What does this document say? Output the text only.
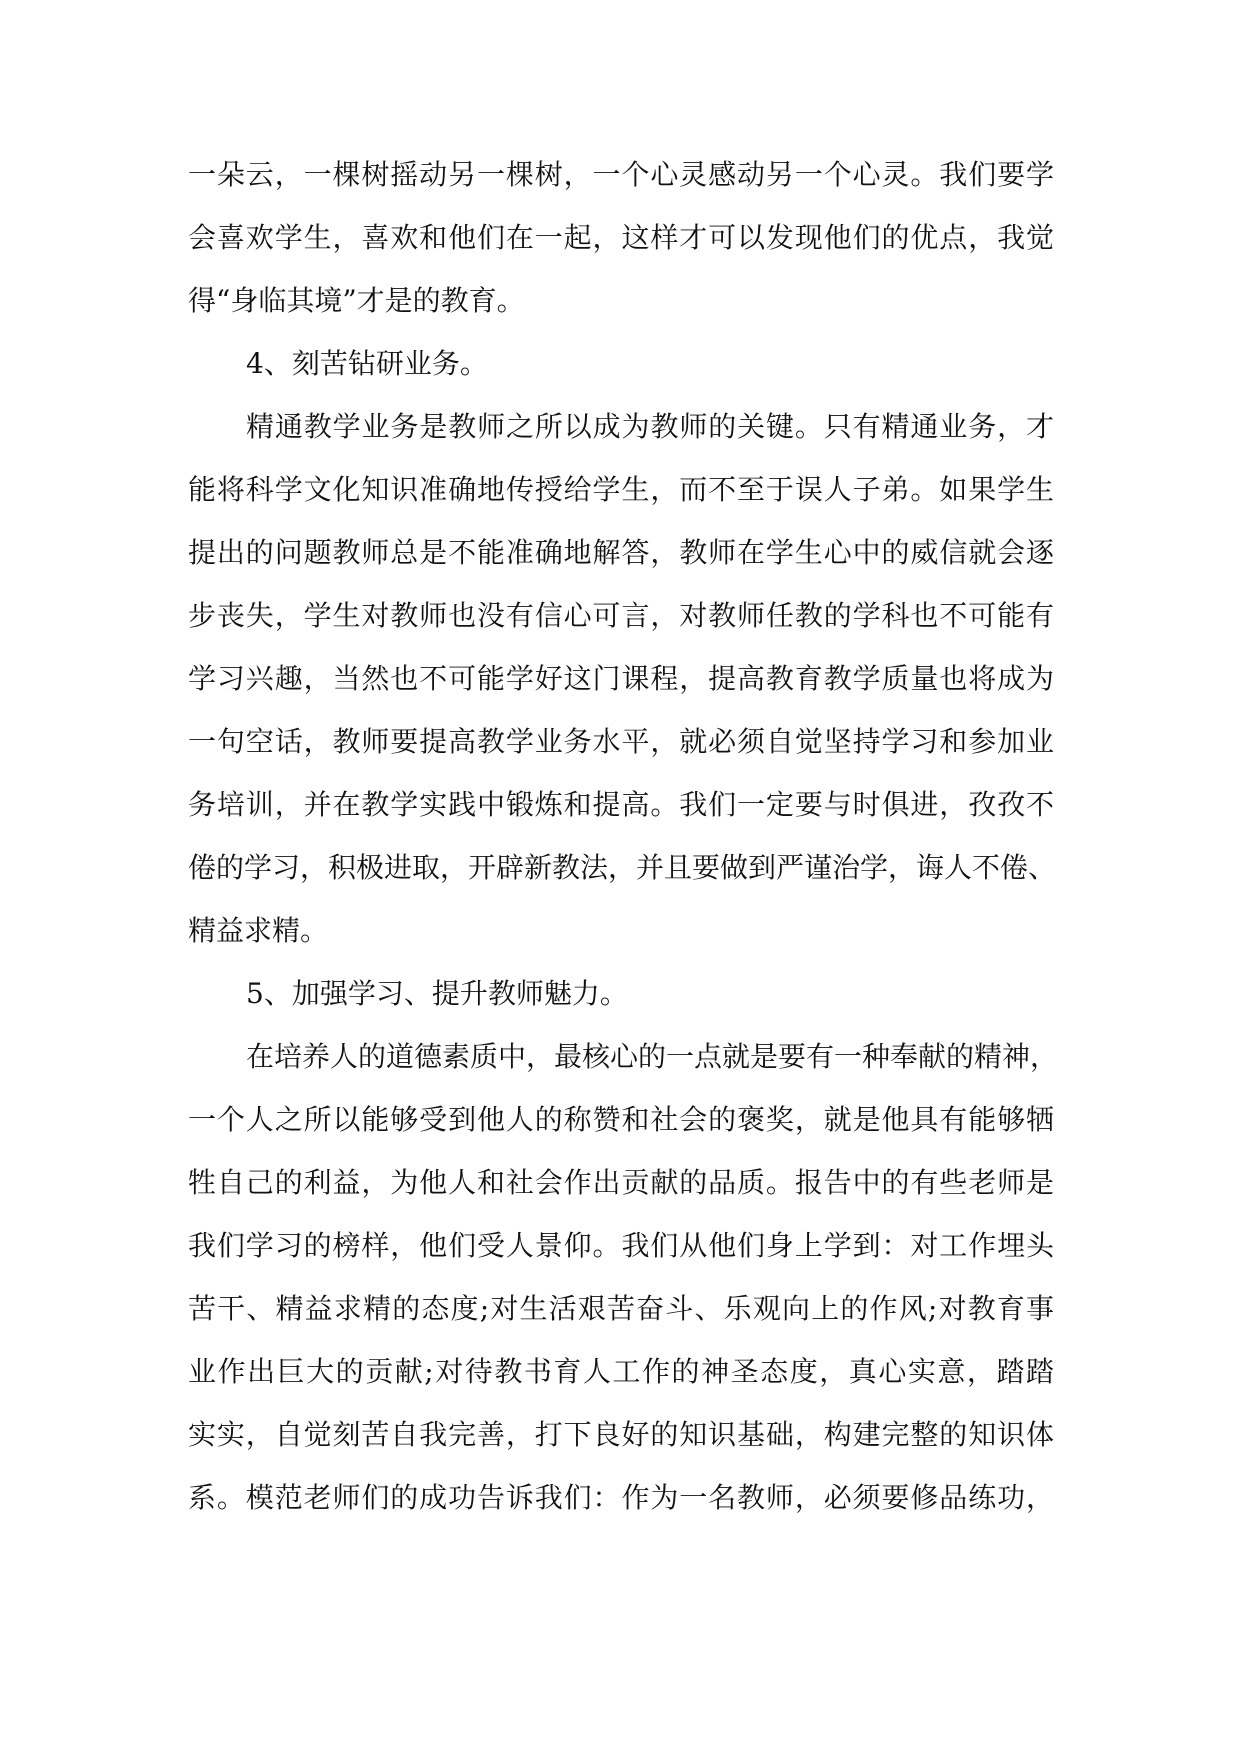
一朵云，一棵树摇动另一棵树，一个心灵感动另一个心灵。我们要学
会喜欢学生，喜欢和他们在一起，这样才可以发现他们的优点，我觉
得“身临其境”才是的教育。
4、刻苦钻研业务。
精通教学业务是教师之所以成为教师的关键。只有精通业务，才
能将科学文化知识准确地传授给学生，而不至于误人子弟。如果学生
提出的问题教师总是不能准确地解答，教师在学生心中的威信就会逐
步丧失，学生对教师也没有信心可言，对教师任教的学科也不可能有
学习兴趣，当然也不可能学好这门课程，提高教育教学质量也将成为
一句空话，教师要提高教学业务水平，就必须自觉坚持学习和参加业
务培训，并在教学实践中锻炼和提高。我们一定要与时俱进，孜孜不
倦的学习，积极进取，开辟新教法，并且要做到严谨治学，诲人不倦、
精益求精。
5、加强学习、提升教师魅力。
在培养人的道德素质中，最核心的一点就是要有一种奉献的精神，
一个人之所以能够受到他人的称赞和社会的褒奖，就是他具有能够牺
牲自己的利益，为他人和社会作出贡献的品质。报告中的有些老师是
我们学习的榜样，他们受人景仰。我们从他们身上学到：对工作埋头
苦干、精益求精的态度;对生活艰苦奋斗、乐观向上的作风;对教育事
业作出巨大的贡献;对待教书育人工作的神圣态度，真心实意，踏踏
实实，自觉刻苦自我完善，打下良好的知识基础，构建完整的知识体
系。模范老师们的成功告诉我们：作为一名教师，必须要修品练功，
